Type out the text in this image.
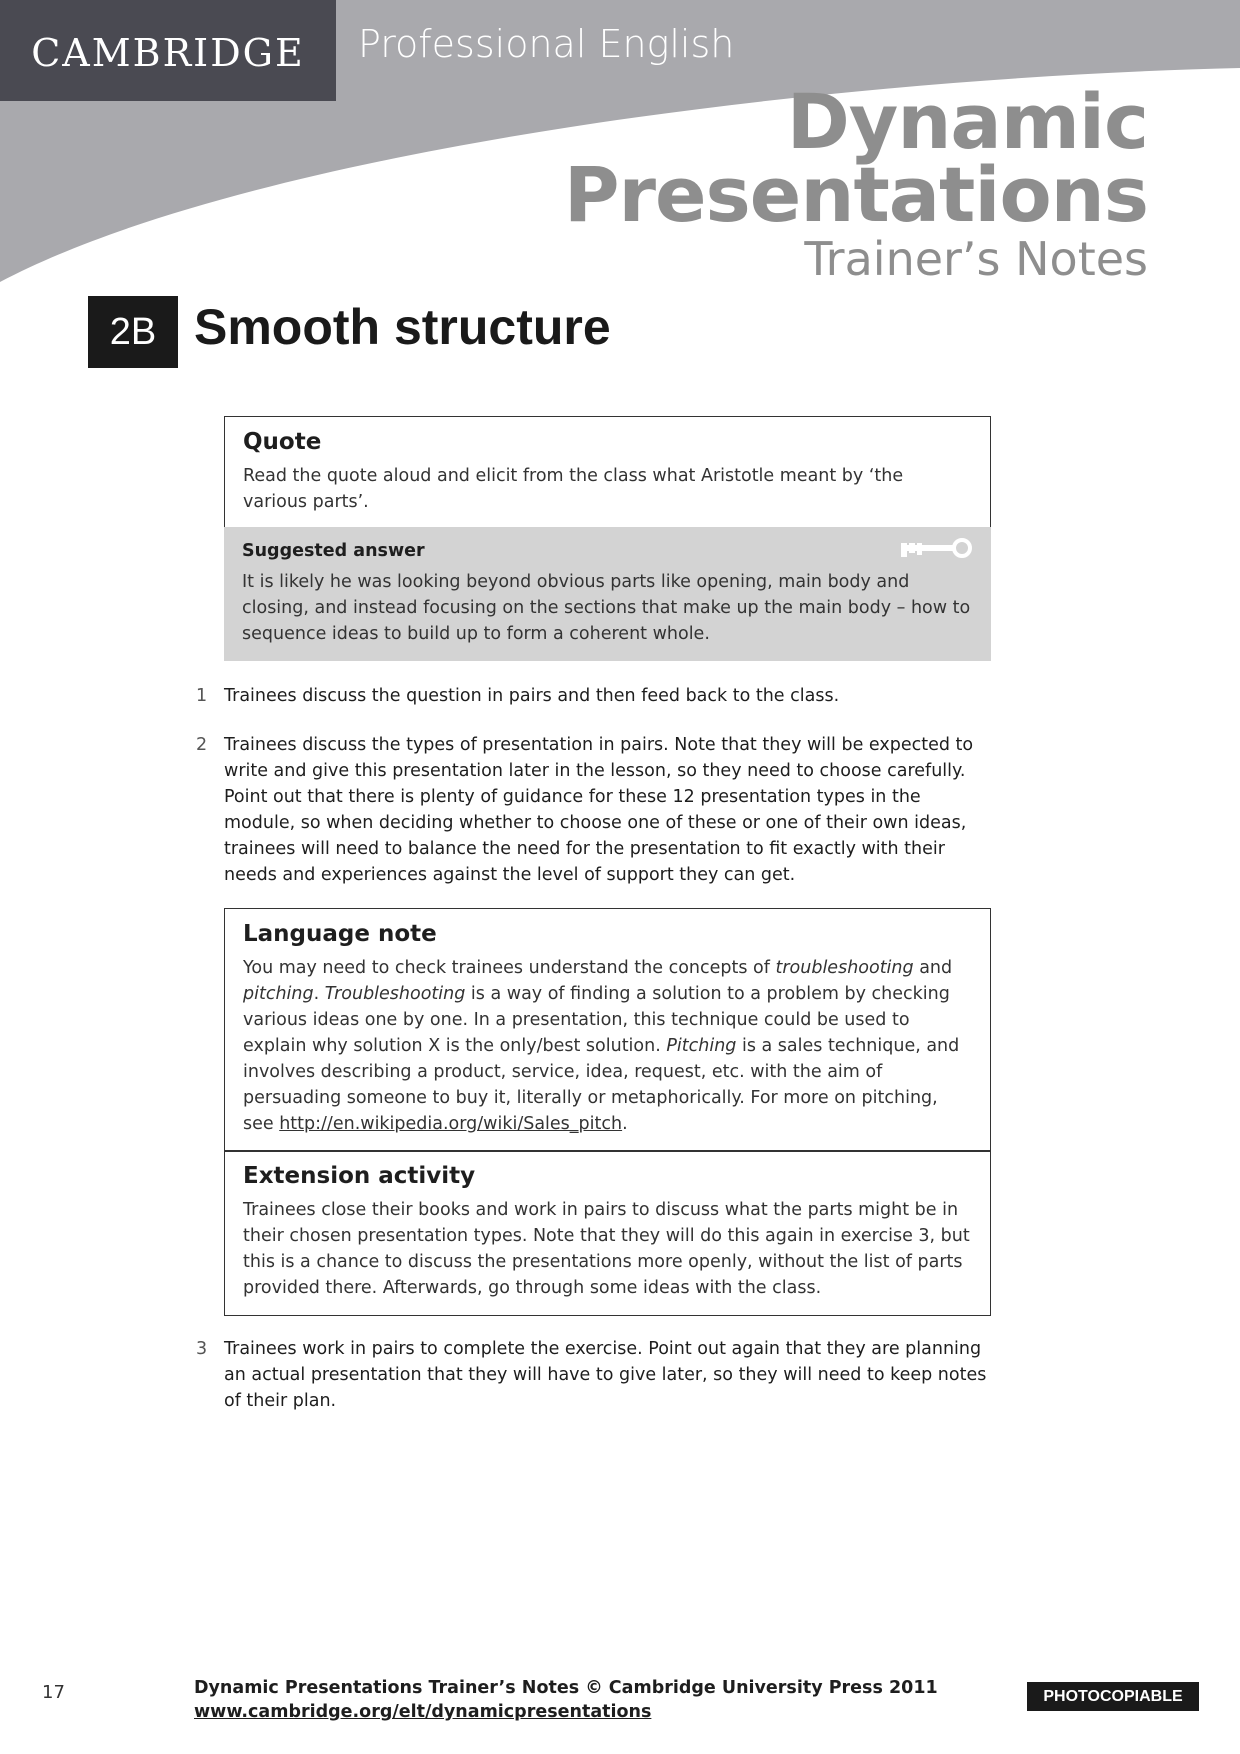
CAMBRIDGE Professional English
Dynamic
Presentations
Trainer’s Notes
2B Smooth structure
Quote

Read the quote aloud and elicit from the class what Aristotle meant by ‘the various parts’.

Suggested answer

It is likely he was looking beyond obvious parts like opening, main body and closing, and instead focusing on the sections that make up the main body – how to sequence ideas to build up to form a coherent whole.

1 Trainees discuss the question in pairs and then feed back to the class.
2 Trainees discuss the types of presentation in pairs. Note that they will be expected to write and give this presentation later in the lesson, so they need to choose carefully. Point out that there is plenty of guidance for these 12 presentation types in the module, so when deciding whether to choose one of these or one of their own ideas, trainees will need to balance the need for the presentation to fit exactly with their needs and experiences against the level of support they can get.
Language note

You may need to check trainees understand the concepts of troubleshooting and pitching. Troubleshooting is a way of finding a solution to a problem by checking various ideas one by one. In a presentation, this technique could be used to explain why solution X is the only/best solution. Pitching is a sales technique, and involves describing a product, service, idea, request, etc. with the aim of persuading someone to buy it, literally or metaphorically. For more on pitching, see http://en.wikipedia.org/wiki/Sales_pitch.

Extension activity

Trainees close their books and work in pairs to discuss what the parts might be in their chosen presentation types. Note that they will do this again in exercise 3, but this is a chance to discuss the presentations more openly, without the list of parts provided there. Afterwards, go through some ideas with the class.

3 Trainees work in pairs to complete the exercise. Point out again that they are planning an actual presentation that they will have to give later, so they will need to keep notes of their plan.
17	Dynamic Presentations Trainer’s Notes © Cambridge University Press 2011
www.cambridge.org/elt/dynamicpresentations
PHOTOCOPIABLE
